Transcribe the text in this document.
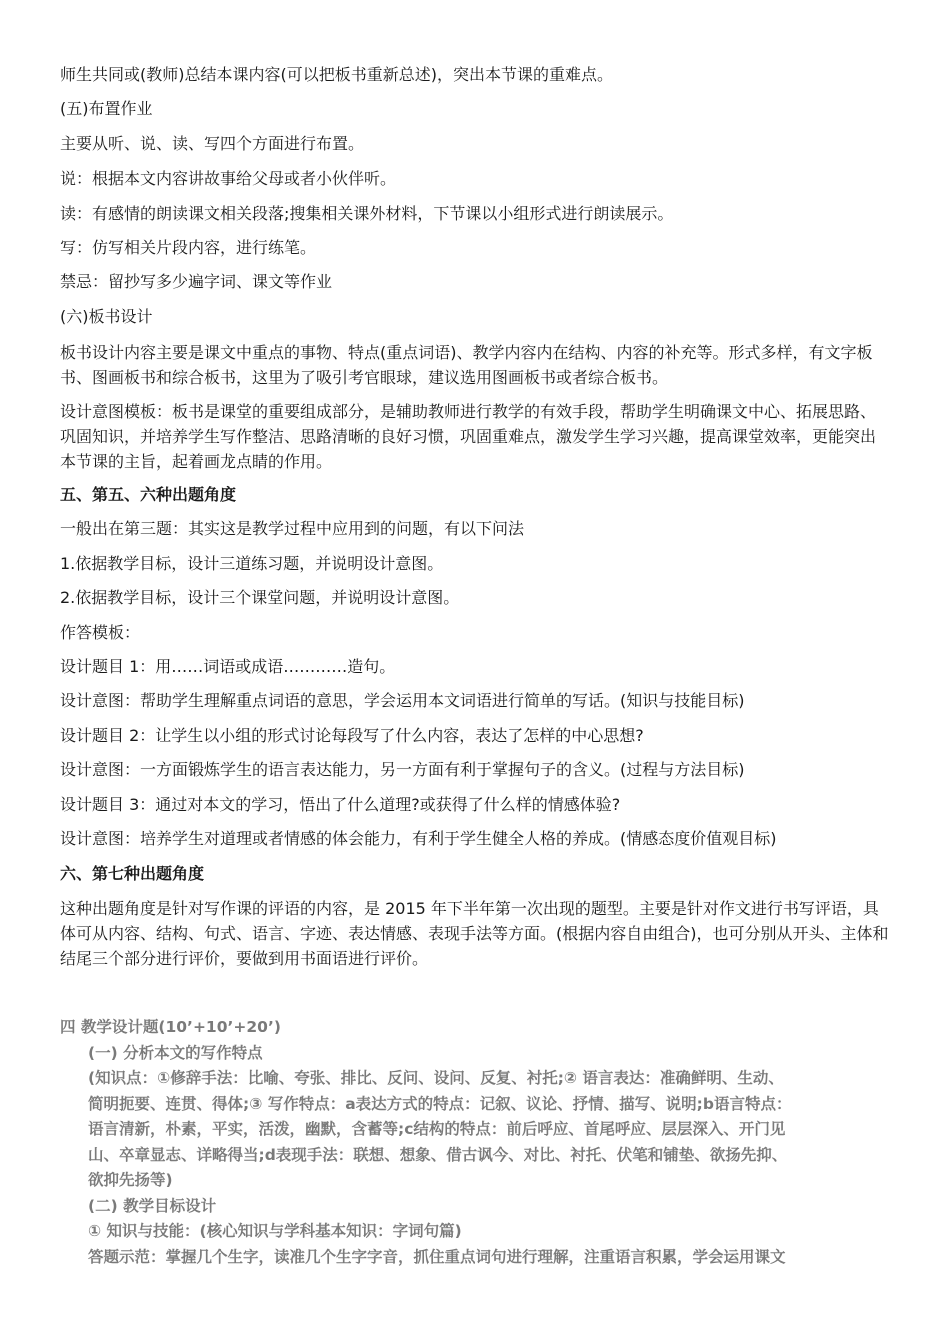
师生共同或(教师)总结本课内容(可以把板书重新总述)，突出本节课的重难点。

(五)布置作业

主要从听、说、读、写四个方面进行布置。

说：根据本文内容讲故事给父母或者小伙伴听。

读：有感情的朗读课文相关段落;搜集相关课外材料，下节课以小组形式进行朗读展示。

写：仿写相关片段内容，进行练笔。

禁忌：留抄写多少遍字词、课文等作业

(六)板书设计

板书设计内容主要是课文中重点的事物、特点(重点词语)、教学内容内在结构、内容的补充等。形式多样，有文字板书、图画板书和综合板书，这里为了吸引考官眼球，建议选用图画板书或者综合板书。

设计意图模板：板书是课堂的重要组成部分，是辅助教师进行教学的有效手段，帮助学生明确课文中心、拓展思路、巩固知识，并培养学生写作整洁、思路清晰的良好习惯，巩固重难点，激发学生学习兴趣，提高课堂效率，更能突出本节课的主旨，起着画龙点睛的作用。

五、第五、六种出题角度

一般出在第三题：其实这是教学过程中应用到的问题，有以下问法

1.依据教学目标，设计三道练习题，并说明设计意图。

2.依据教学目标，设计三个课堂问题，并说明设计意图。

作答模板：

设计题目 1：用……词语或成语…………造句。

设计意图：帮助学生理解重点词语的意思，学会运用本文词语进行简单的写话。(知识与技能目标)

设计题目 2：让学生以小组的形式讨论每段写了什么内容，表达了怎样的中心思想?

设计意图：一方面锻炼学生的语言表达能力，另一方面有利于掌握句子的含义。(过程与方法目标)

设计题目 3：通过对本文的学习，悟出了什么道理?或获得了什么样的情感体验?

设计意图：培养学生对道理或者情感的体会能力，有利于学生健全人格的养成。(情感态度价值观目标)

六、第七种出题角度

这种出题角度是针对写作课的评语的内容，是 2015 年下半年第一次出现的题型。主要是针对作文进行书写评语，具体可从内容、结构、句式、语言、字迹、表达情感、表现手法等方面。(根据内容自由组合)，也可分别从开头、主体和结尾三个部分进行评价，要做到用书面语进行评价。

四 教学设计题(10’+10’+20’)

(一) 分析本文的写作特点

(知识点：①修辞手法：比喻、夸张、排比、反问、设问、反复、衬托;② 语言表达：准确鲜明、生动、

简明扼要、连贯、得体;③ 写作特点：a表达方式的特点：记叙、议论、抒情、描写、说明;b语言特点：

语言清新，朴素，平实，活泼，幽默，含蓄等;c结构的特点：前后呼应、首尾呼应、层层深入、开门见

山、卒章显志、详略得当;d表现手法：联想、想象、借古讽今、对比、衬托、伏笔和铺垫、欲扬先抑、

欲抑先扬等)

(二) 教学目标设计

① 知识与技能：(核心知识与学科基本知识：字词句篇)

答题示范：掌握几个生字，读准几个生字字音，抓住重点词句进行理解，注重语言积累，学会运用课文
